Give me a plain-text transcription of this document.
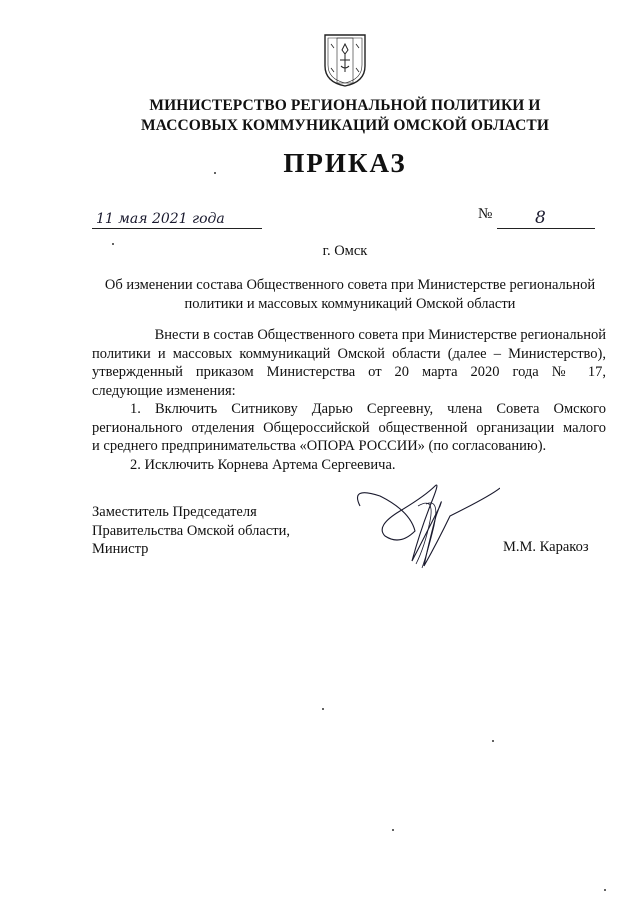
МИНИСТЕРСТВО РЕГИОНАЛЬНОЙ ПОЛИТИКИ И
МАССОВЫХ КОММУНИКАЦИЙ ОМСКОЙ ОБЛАСТИ
ПРИКАЗ
11 мая 2021 года	№	8
г. Омск
Об изменении состава Общественного совета при Министерстве региональной
политики и массовых коммуникаций Омской области
Внести в состав Общественного совета при Министерстве региональной
политики и массовых коммуникаций Омской области (далее – Министерство),
утвержденный приказом Министерства от 20 марта 2020 года № 17,
следующие изменения:
1. Включить Ситникову Дарью Сергеевну, члена Совета Омского
регионального отделения Общероссийской общественной организации малого
и среднего предпринимательства «ОПОРА РОССИИ» (по согласованию).
2. Исключить Корнева Артема Сергеевича.
Заместитель Председателя
Правительства Омской области,
Министр	М.М. Каракоз
